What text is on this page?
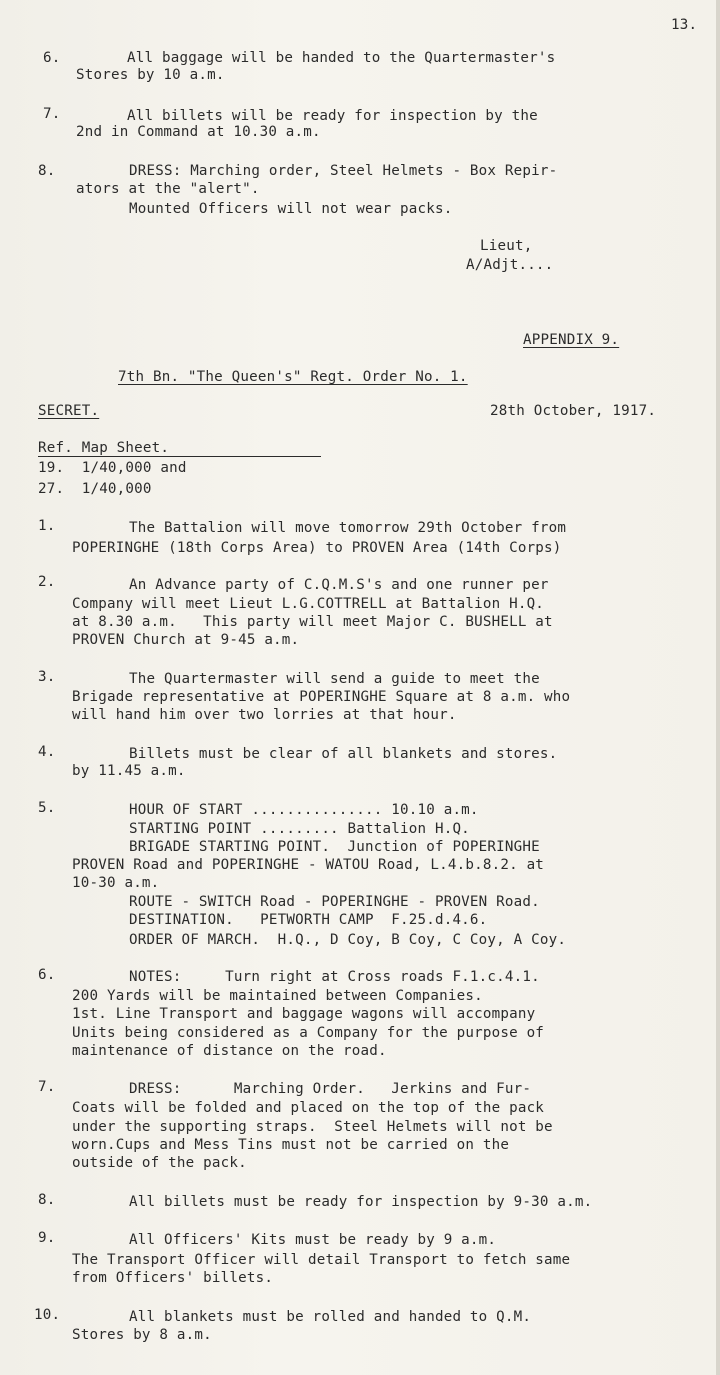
13.
6.	All baggage will be handed to the Quartermaster's
Stores by 10 a.m.
7.	All billets will be ready for inspection by the
2nd in Command at 10.30 a.m.
8.	DRESS: Marching order, Steel Helmets - Box Repir-
ators at the "alert".
Mounted Officers will not wear packs.
Lieut,
A/Adjt....
APPENDIX 9.
7th Bn. "The Queen's" Regt. Order No. 1.
SECRET.	28th October, 1917.
Ref. Map Sheet.
19.  1/40,000 and
27.  1/40,000
1.	The Battalion will move tomorrow 29th October from
POPERINGHE (18th Corps Area) to PROVEN Area (14th Corps)
2.	An Advance party of C.Q.M.S's and one runner per
Company will meet Lieut L.G.COTTRELL at Battalion H.Q.
at 8.30 a.m.   This party will meet Major C. BUSHELL at
PROVEN Church at 9-45 a.m.
3.	The Quartermaster will send a guide to meet the
Brigade representative at POPERINGHE Square at 8 a.m. who
will hand him over two lorries at that hour.
4.	Billets must be clear of all blankets and stores.
by 11.45 a.m.
5.	HOUR OF START ............... 10.10 a.m.
STARTING POINT ......... Battalion H.Q.
BRIGADE STARTING POINT.  Junction of POPERINGHE
PROVEN Road and POPERINGHE - WATOU Road, L.4.b.8.2. at
10-30 a.m.
ROUTE - SWITCH Road - POPERINGHE - PROVEN Road.
DESTINATION.   PETWORTH CAMP  F.25.d.4.6.
ORDER OF MARCH.  H.Q., D Coy, B Coy, C Coy, A Coy.
6.	NOTES:     Turn right at Cross roads F.1.c.4.1.
200 Yards will be maintained between Companies.
1st. Line Transport and baggage wagons will accompany
Units being considered as a Company for the purpose of
maintenance of distance on the road.
7.	DRESS:      Marching Order.   Jerkins and Fur-
Coats will be folded and placed on the top of the pack
under the supporting straps.  Steel Helmets will not be
worn.Cups and Mess Tins must not be carried on the
outside of the pack.
8.	All billets must be ready for inspection by 9-30 a.m.
9.	All Officers' Kits must be ready by 9 a.m.
The Transport Officer will detail Transport to fetch same
from Officers' billets.
10.	All blankets must be rolled and handed to Q.M.
Stores by 8 a.m.
